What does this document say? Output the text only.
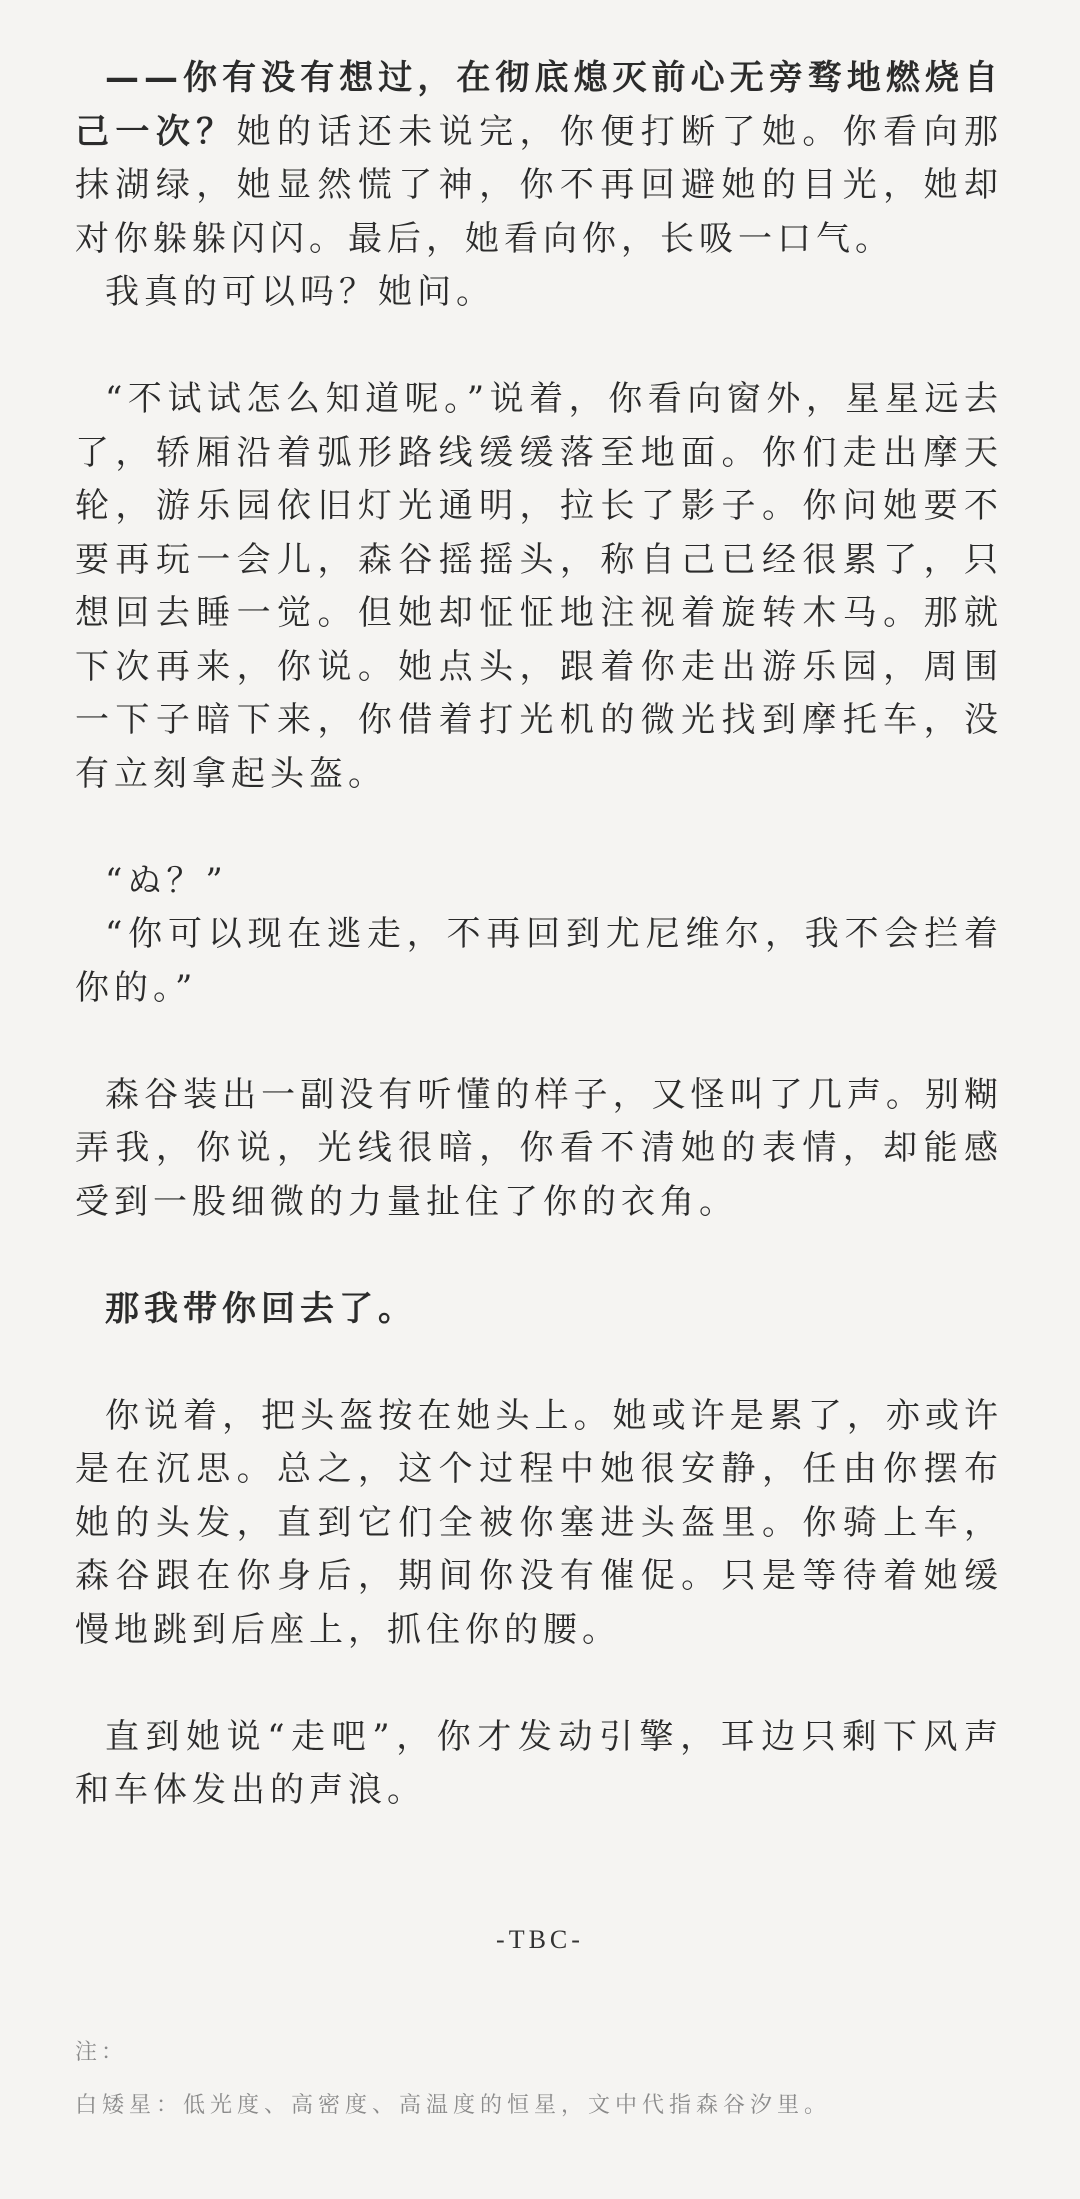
——你有没有想过，在彻底熄灭前心无旁骛地燃烧自己一次？她的话还未说完，你便打断了她。你看向那抹湖绿，她显然慌了神，你不再回避她的目光，她却对你躲躲闪闪。最后，她看向你，长吸一口气。

我真的可以吗？她问。

“不试试怎么知道呢。”说着，你看向窗外，星星远去了，轿厢沿着弧形路线缓缓落至地面。你们走出摩天轮，游乐园依旧灯光通明，拉长了影子。你问她要不要再玩一会儿，森谷摇摇头，称自己已经很累了，只想回去睡一觉。但她却怔怔地注视着旋转木马。那就下次再来，你说。她点头，跟着你走出游乐园，周围一下子暗下来，你借着打光机的微光找到摩托车，没有立刻拿起头盔。

“ぬ？”

“你可以现在逃走，不再回到尤尼维尔，我不会拦着你的。”

森谷装出一副没有听懂的样子，又怪叫了几声。别糊弄我，你说，光线很暗，你看不清她的表情，却能感受到一股细微的力量扯住了你的衣角。

那我带你回去了。

你说着，把头盔按在她头上。她或许是累了，亦或许是在沉思。总之，这个过程中她很安静，任由你摆布她的头发，直到它们全被你塞进头盔里。你骑上车，森谷跟在你身后，期间你没有催促。只是等待着她缓慢地跳到后座上，抓住你的腰。

直到她说“走吧”，你才发动引擎，耳边只剩下风声和车体发出的声浪。

-TBC-
注：
白矮星：低光度、高密度、高温度的恒星，文中代指森谷汐里。
